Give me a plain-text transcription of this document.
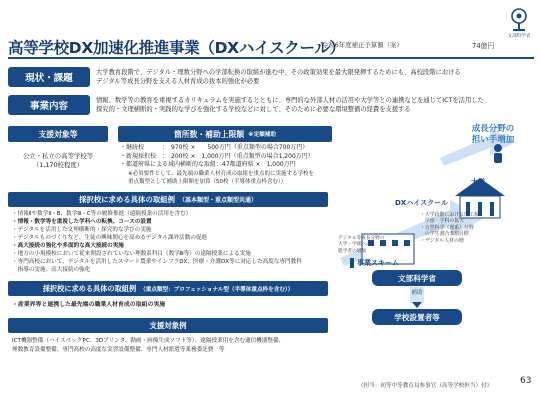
高等学校DX加速化推進事業（DXハイスクール）
令和6年度補正予算額（案）	74億円
文部科学省
現状・課題
大学教育段階で、デジタル・理数分野への学部転換の取組が進む中、その政策効果を最大限発揮するためにも、高校段階における
デジタル等成長分野を支える人材育成の抜本的強化が必要
事業内容
情報、数学等の教育を重視するカリキュラムを実施するとともに、専門的な外部人材の活用や大学等との連携などを通じてICTを活用した
探究的・文理横断的・実践的な学びを強化する学校などに対して、そのために必要な環境整備の経費を支援する
支援対象等
公立・私立の高等学校等
（1,170校程度）
箇所数・補助上限額 ※定額補助
・継続校　　　：　970校 ×　　500万円（重点類型の場合700万円）
・新規採択校　：　200校 ×　1,000万円（重点類型の場合1,200万円）
・都道府県による域内横断的な取組：47都道府県 ×　1,000万円
※必須要件として、最先端の職業人材育成の取組を重点的に実施する学校を
重点類型として補助上限額を加算（50校（半導体重点枠含む））
成長分野の
担い手増加
大学
DXハイスクール
デジタル等成長分野の
大学・学部への
進学者の増加
・大学段階における理工系
　学部・学科の拡大
・自然科学（理系）分野
　の学生割合 5割目標
・デジタル人材の増
採択校に求める具体の取組例 （基本類型・重点類型共通）
・情報Ⅱや数学Ⅱ・B、数学Ⅲ・C等の履修推進（遠隔授業の活用を含む）
・情報・数学等を重視した学科への転換、コースの設置
・デジタルを活用した文理横断的・探究的な学びの実施
・デジタルものづくりなど、生徒の興味関心を高めるデジタル課外活動の促進
・高大接続の強化や多面的な高大接続の実施
・地方の小規模校において従来開設されていない理数系科目（数学Ⅲ等）の遠隔授業による実施
・専門高校において、デジタルを活用したスマート農業やインフラDX、医療・介護DX等に対応した高度な専門教科
　指導の実施、高大接続の強化
採択校に求める具体の取組例 （重点類型：プロフェッショナル型（半導体重点枠を含む））
・産業界等と連携した最先端の職業人材育成の取組の実施
支援対象例
ICT機器整備（ハイスペックPC、3Dプリンタ、動画・画像生成ソフト等）、遠隔授業用を含む通信機器整備、
理数教育設備整備、専門高校の高度な実習設備整備、専門人材派遣等業務委託費　等
事業スキーム
文部科学省
補助
学校設置者等
（担当：初等中等教育局参事官（高等学校担当）付）	63
